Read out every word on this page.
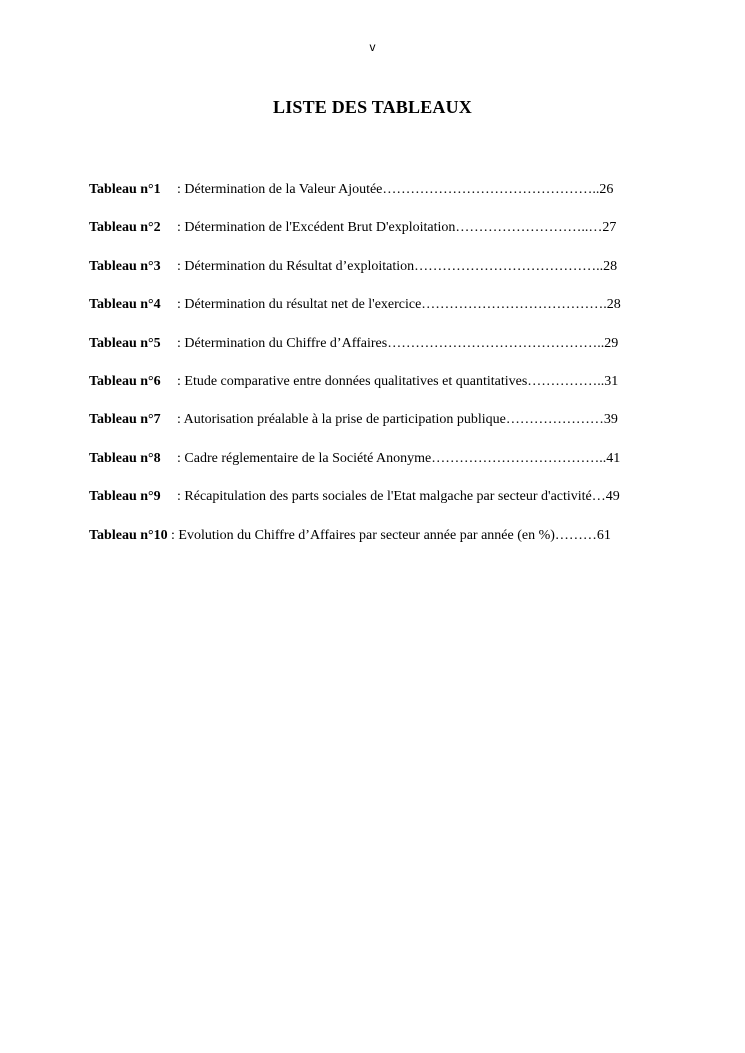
v
LISTE DES TABLEAUX
Tableau n°1 : Détermination de la Valeur Ajoutée………………………………………..26
Tableau n°2 : Détermination de l'Excédent Brut D'exploitation………………………..…27
Tableau n°3 : Détermination du Résultat d’exploitation…………………………………..28
Tableau n°4 : Détermination du résultat net de l'exercice………………………………….28
Tableau n°5 : Détermination du Chiffre d’Affaires………………………………………..29
Tableau n°6 : Etude comparative entre données qualitatives et quantitatives……………..31
Tableau n°7 : Autorisation préalable à la prise de participation publique…………………39
Tableau n°8 : Cadre réglementaire de la Société Anonyme………………………………..41
Tableau n°9 : Récapitulation des parts sociales de l'Etat malgache par secteur d'activité…49
Tableau n°10 : Evolution du Chiffre d’Affaires par secteur année par année (en %)………61
